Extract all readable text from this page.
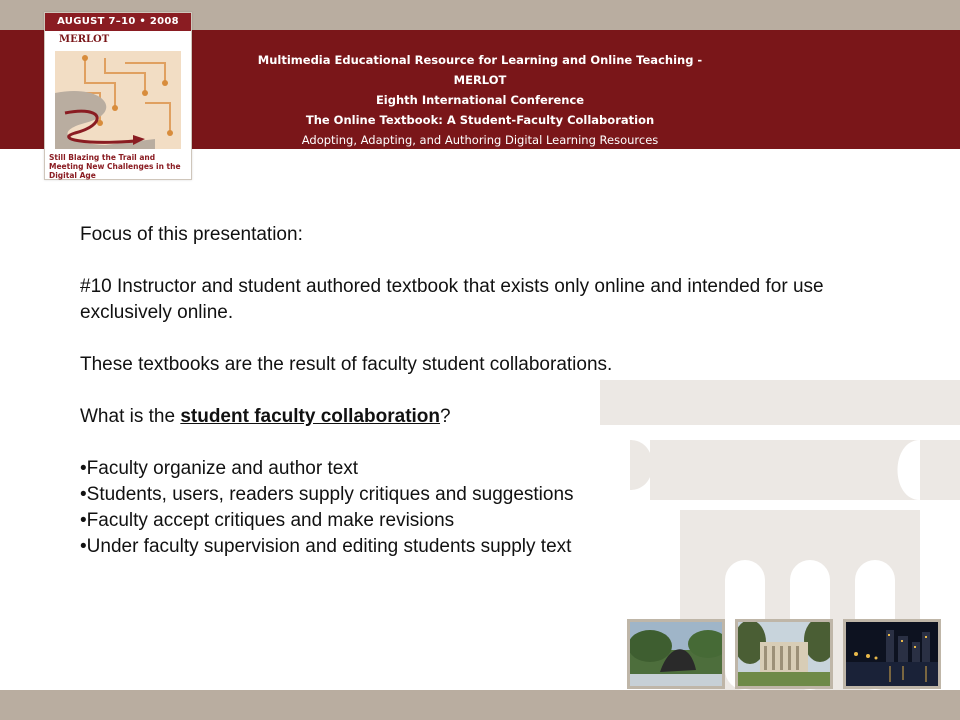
Multimedia Educational Resource for Learning and Online Teaching - MERLOT
Eighth International Conference
The Online Textbook: A Student-Faculty Collaboration
Adopting, Adapting, and Authoring Digital Learning Resources
Dr. Philip A. Pecorino, CUNY, SUNY
AUGUST 7–10 • 2008
MERLOT
Still Blazing the Trail and Meeting New Challenges in the Digital Age

Focus of this presentation:

#10 Instructor and student authored textbook that exists only online and intended for use exclusively online.

These textbooks are the result of faculty student collaborations.

What is the student faculty collaboration?

•Faculty organize and author text

•Students, users, readers supply critiques and suggestions

•Faculty accept critiques and make revisions

•Under faculty supervision and editing students supply text
